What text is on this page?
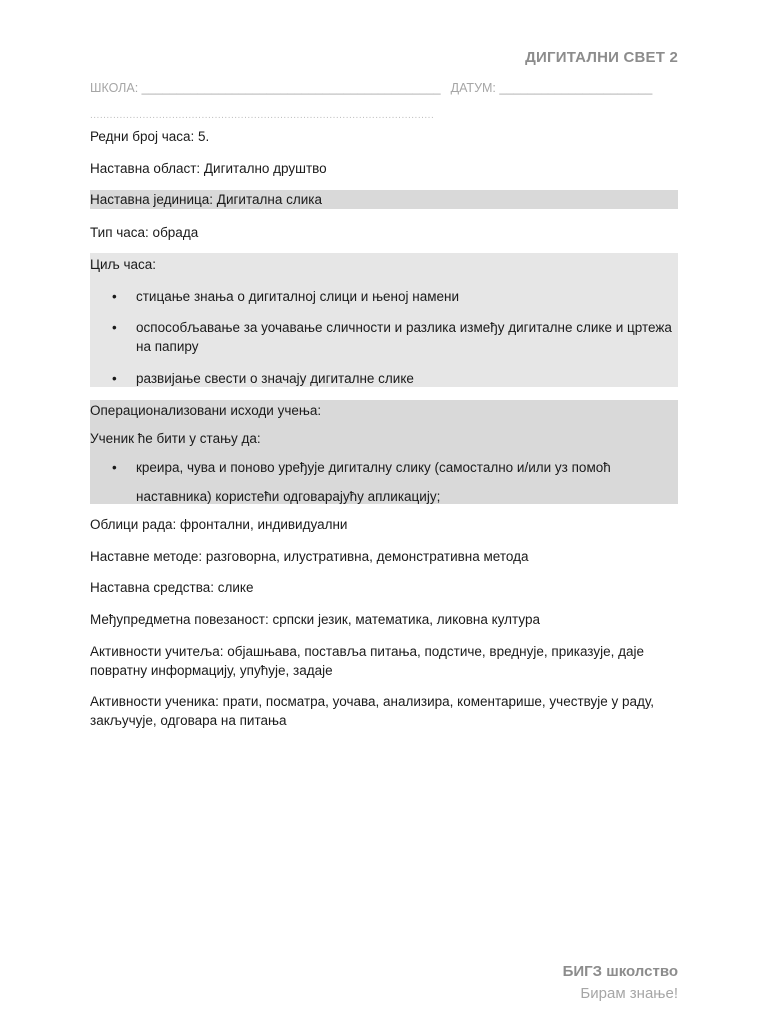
ДИГИТАЛНИ СВЕТ 2
ШКОЛА: ___________________________________________ ДАТУМ: ______________________
.........................................................................................................
Редни број часа: 5.
Наставна област: Дигитално друштво
Наставна јединица: Дигитална слика
Тип часа: обрада
Циљ часа:
• стицање знања о дигиталној слици и њеној намени
• оспособљавање за уочавање сличности и разлика између дигиталне слике и цртежа на папиру
• развијање свести о значају дигиталне слике
Операционализовани исходи учења:
Ученик ће бити у стању да:
• креира, чува и поново уређује дигиталну слику (самостално и/или уз помоћ наставника) користећи одговарајућу апликацију;
Облици рада: фронтални, индивидуални
Наставне методе: разговорна, илустративна, демонстративна метода
Наставна средства: слике
Међупредметна повезаност: српски језик, математика, ликовна култура
Активности учитеља: објашњава, поставља питања, подстиче, вреднује, приказује, даје повратну информацију, упућује, задаје
Активности ученика: прати, посматра, уочава, анализира, коментарише, учествује у раду, закључује, одговара на питања
БИГЗ школство
Бирам знање!
